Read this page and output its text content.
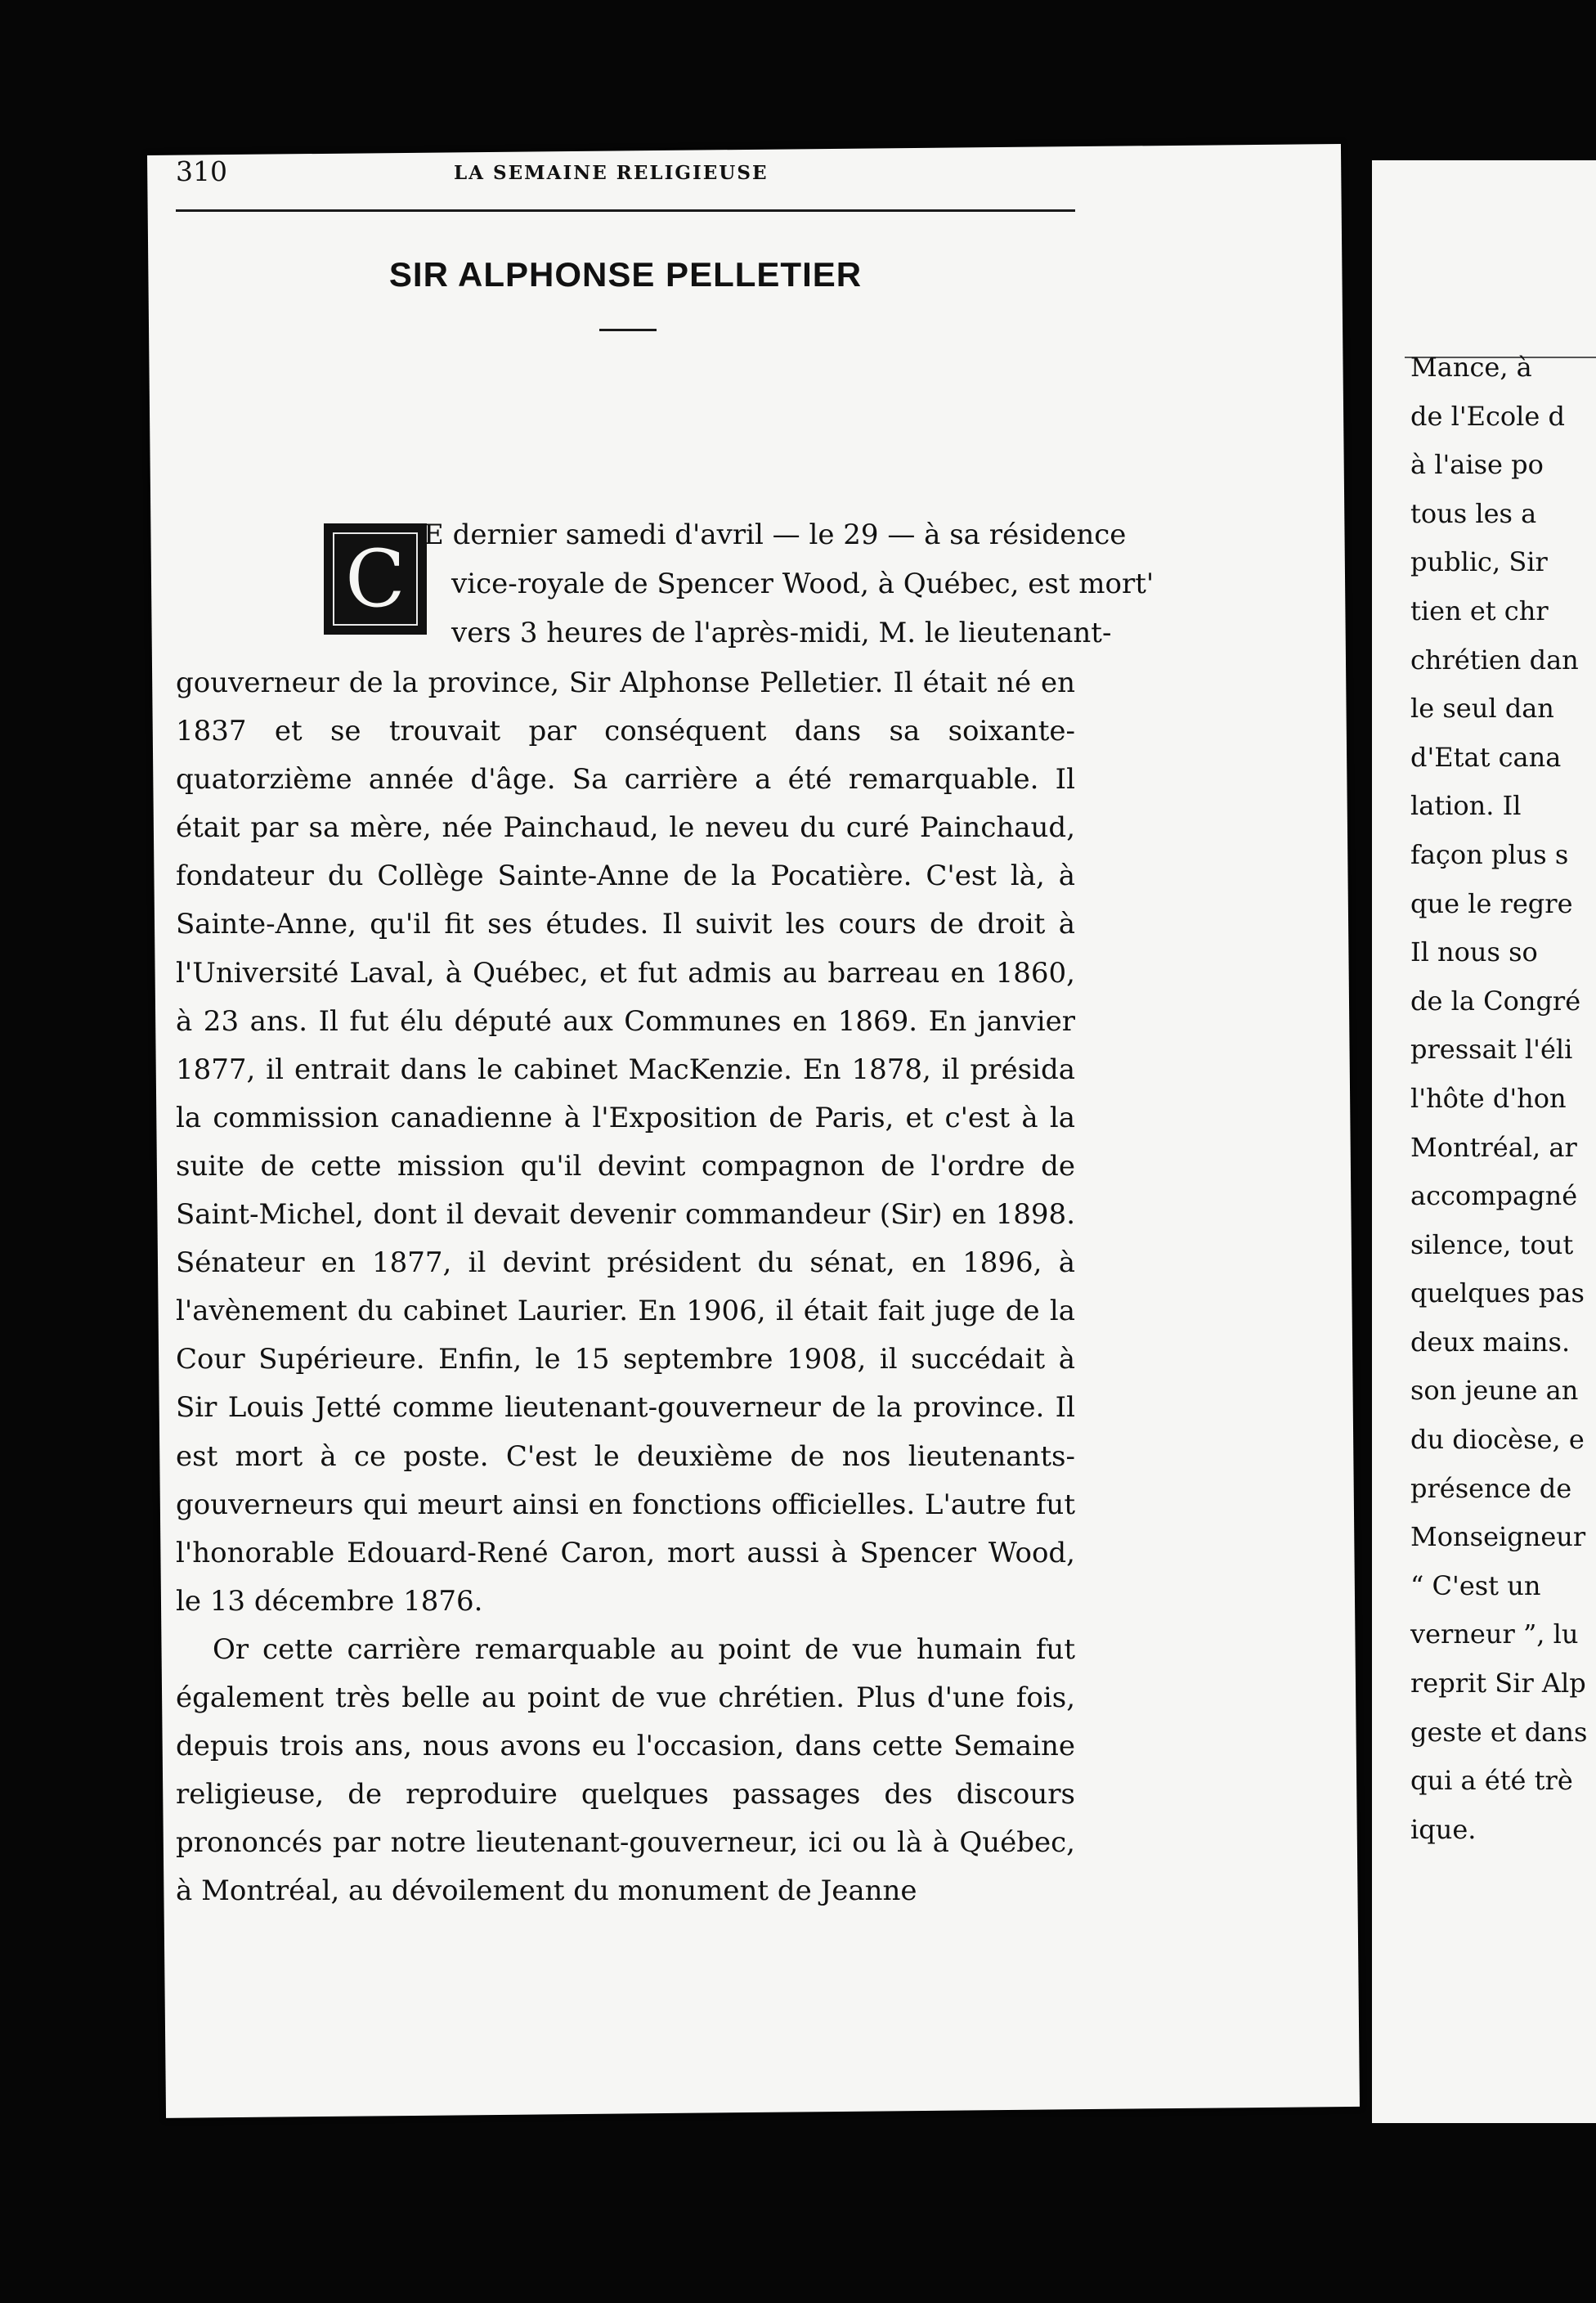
Mance, à
de l'Ecole d
à l'aise po
tous les a
public, Sir
tien et chr
chrétien dan
le seul dan
d'Etat cana
lation. Il
façon plus s
que le regre
Il nous so
de la Congré
pressait l'éli
l'hôte d'hon
Montréal, ar
accompagné
silence, tout
quelques pas
deux mains.
son jeune an
du diocèse, e
présence de
Monseigneur
“ C'est un
verneur ”, lu
reprit Sir Alp
geste et dans
qui a été trè
ique.
310	LA SEMAINE RELIGIEUSE
SIR ALPHONSE PELLETIER
C E dernier samedi d'avril — le 29 — à sa résidence
vice-royale de Spencer Wood, à Québec, est mort'
vers 3 heures de l'après-midi, M. le lieutenant-

gouverneur de la province, Sir Alphonse Pelletier. Il était né en 1837 et se trouvait par conséquent dans sa soixante-quatorzième année d'âge. Sa carrière a été remarquable. Il était par sa mère, née Painchaud, le neveu du curé Painchaud, fondateur du Collège Sainte-Anne de la Pocatière. C'est là, à Sainte-Anne, qu'il fit ses études. Il suivit les cours de droit à l'Université Laval, à Québec, et fut admis au barreau en 1860, à 23 ans. Il fut élu député aux Communes en 1869. En janvier 1877, il entrait dans le cabinet MacKenzie. En 1878, il présida la commission canadienne à l'Exposition de Paris, et c'est à la suite de cette mission qu'il devint compagnon de l'ordre de Saint-Michel, dont il devait devenir commandeur (Sir) en 1898. Sénateur en 1877, il devint président du sénat, en 1896, à l'avènement du cabinet Laurier. En 1906, il était fait juge de la Cour Supérieure. Enfin, le 15 septembre 1908, il succédait à Sir Louis Jetté comme lieutenant-gouverneur de la province. Il est mort à ce poste. C'est le deuxième de nos lieutenants-gouverneurs qui meurt ainsi en fonctions officielles. L'autre fut l'honorable Edouard-René Caron, mort aussi à Spencer Wood, le 13 décembre 1876.

Or cette carrière remarquable au point de vue humain fut également très belle au point de vue chrétien. Plus d'une fois, depuis trois ans, nous avons eu l'occasion, dans cette Semaine religieuse, de reproduire quelques passages des discours prononcés par notre lieutenant-gouverneur, ici ou là à Québec, à Montréal, au dévoilement du monument de Jeanne
